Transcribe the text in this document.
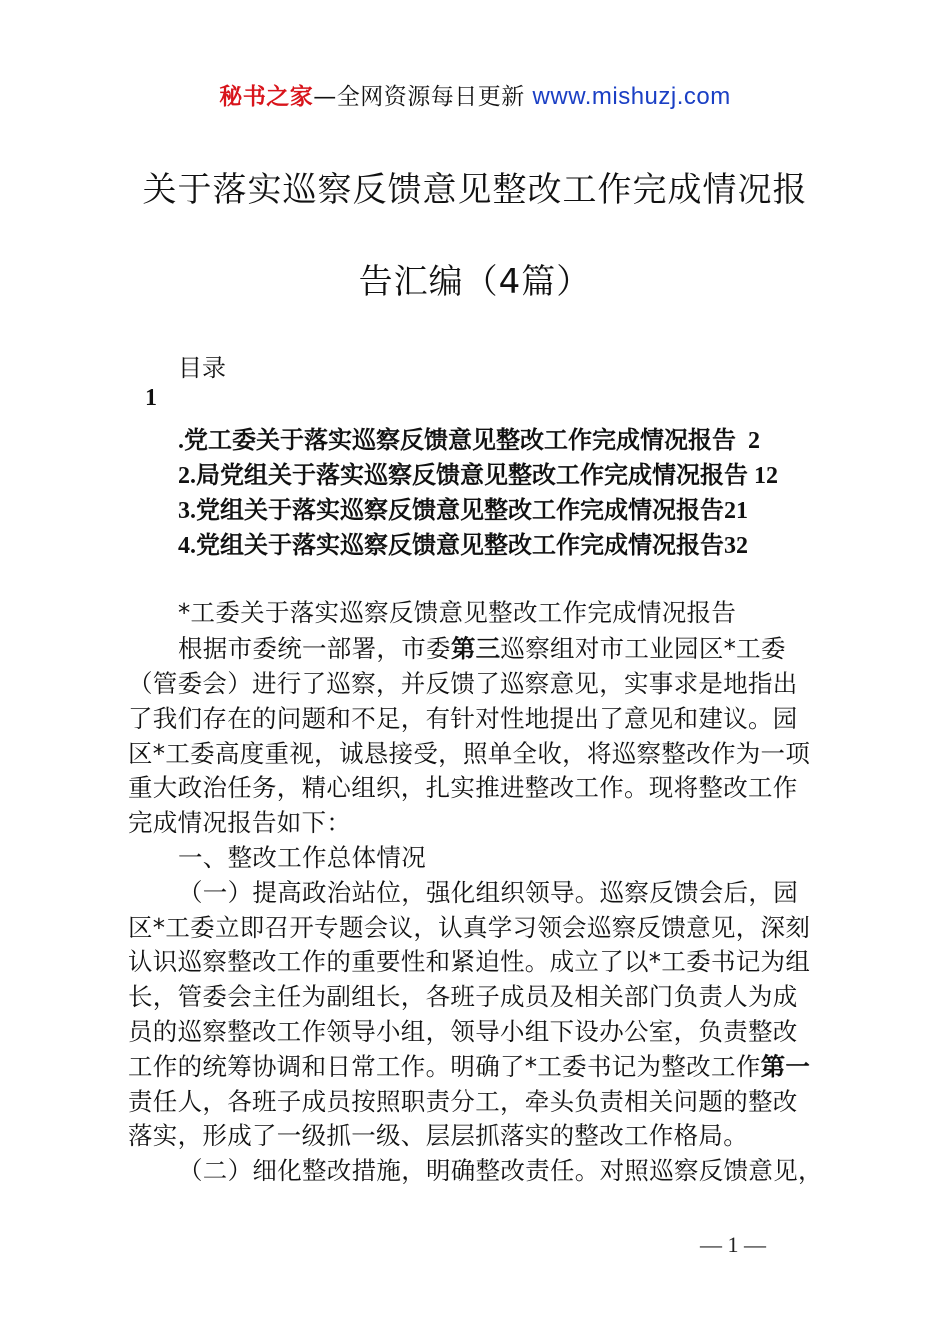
秘书之家—全网资源每日更新 www.mishuzj.com
关于落实巡察反馈意见整改工作完成情况报
告汇编（4篇）
目录
1
.党工委关于落实巡察反馈意见整改工作完成情况报告  2
2.局党组关于落实巡察反馈意见整改工作完成情况报告 12
3.党组关于落实巡察反馈意见整改工作完成情况报告21
4.党组关于落实巡察反馈意见整改工作完成情况报告32
*工委关于落实巡察反馈意见整改工作完成情况报告
根据市委统一部署，市委第三巡察组对市工业园区*工委
（管委会）进行了巡察，并反馈了巡察意见，实事求是地指出
了我们存在的问题和不足，有针对性地提出了意见和建议。园
区*工委高度重视，诚恳接受，照单全收，将巡察整改作为一项
重大政治任务，精心组织，扎实推进整改工作。现将整改工作
完成情况报告如下：
一、整改工作总体情况
（一）提高政治站位，强化组织领导。巡察反馈会后，园
区*工委立即召开专题会议，认真学习领会巡察反馈意见，深刻
认识巡察整改工作的重要性和紧迫性。成立了以*工委书记为组
长，管委会主任为副组长，各班子成员及相关部门负责人为成
员的巡察整改工作领导小组，领导小组下设办公室，负责整改
工作的统筹协调和日常工作。明确了*工委书记为整改工作第一
责任人，各班子成员按照职责分工，牵头负责相关问题的整改
落实，形成了一级抓一级、层层抓落实的整改工作格局。
（二）细化整改措施，明确整改责任。对照巡察反馈意见，
— 1 —
